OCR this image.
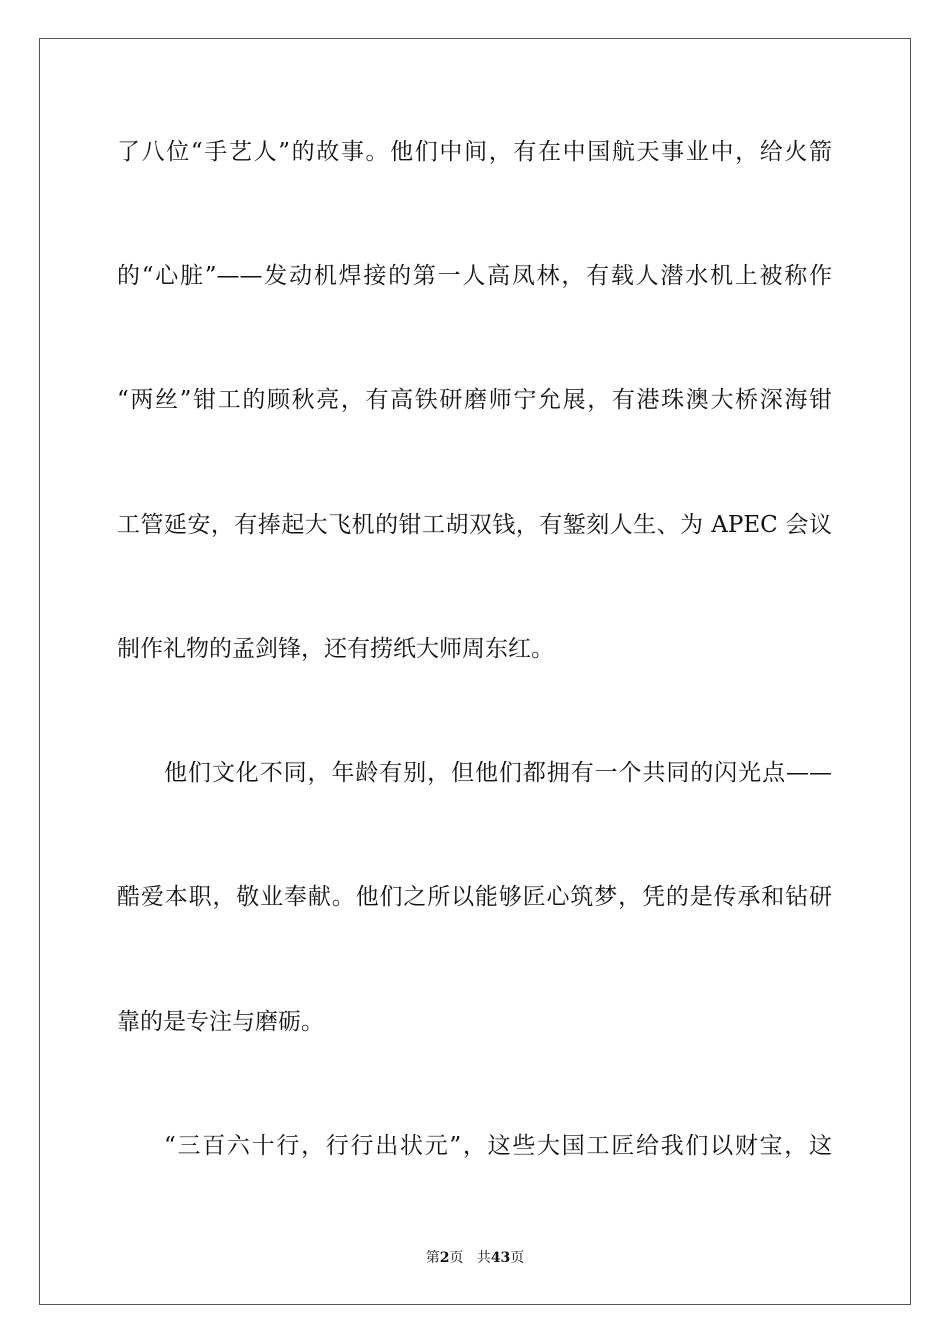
了八位“手艺人”的故事。他们中间，有在中国航天事业中，给火箭
的“心脏”——发动机焊接的第一人高凤林，有载人潜水机上被称作
“两丝”钳工的顾秋亮，有高铁研磨师宁允展，有港珠澳大桥深海钳
工管延安，有捧起大飞机的钳工胡双钱，有錾刻人生、为 APEC 会议
制作礼物的孟剑锋，还有捞纸大师周东红。
他们文化不同，年龄有别，但他们都拥有一个共同的闪光点——
酷爱本职，敬业奉献。他们之所以能够匠心筑梦，凭的是传承和钻研
靠的是专注与磨砺。
“三百六十行，行行出状元”，这些大国工匠给我们以财宝，这
第2页 共43页
